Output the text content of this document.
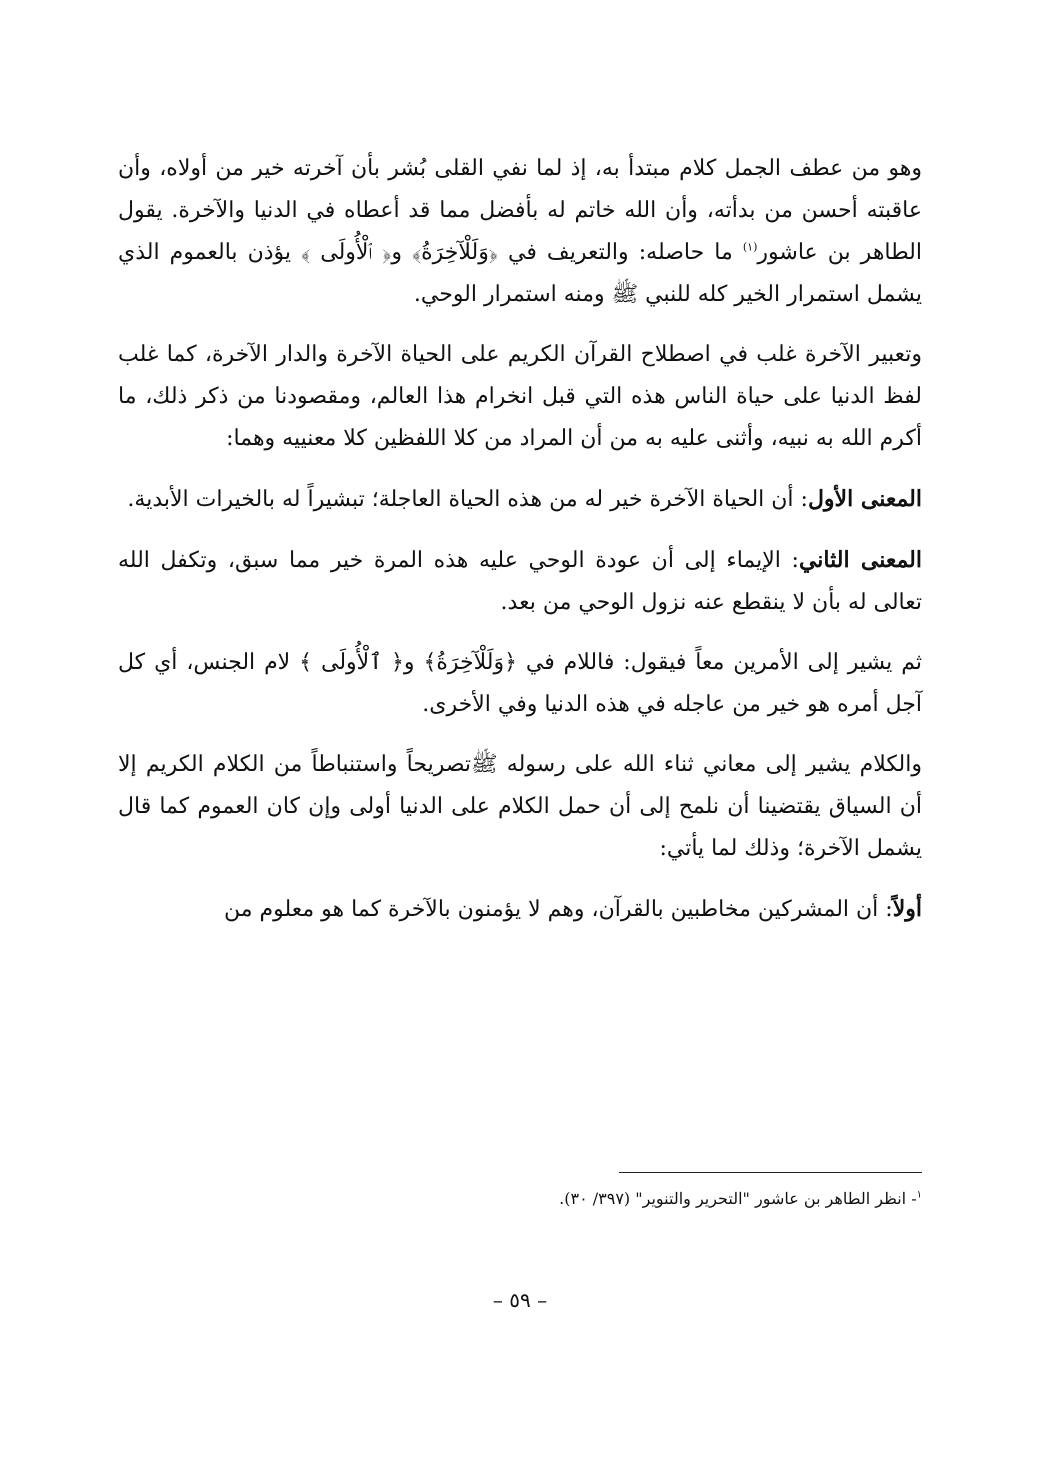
وهو من عطف الجمل كلام مبتدأ به، إذ لما نفي القلى بُشر بأن آخرته خير من أولاه، وأن عاقبته أحسن من بدأته، وأن الله خاتم له بأفضل مما قد أعطاه في الدنيا والآخرة. يقول الطاهر بن عاشور$^{(١)}$ ما حاصله: والتعريف في ﴿وَلَلْآخِرَةُ﴾ و﴿ ٱلْأُولَى ﴾ يؤذن بالعموم الذي يشمل استمرار الخير كله للنبي ﷺ ومنه استمرار الوحي.

وتعبير الآخرة غلب في اصطلاح القرآن الكريم على الحياة الآخرة والدار الآخرة، كما غلب لفظ الدنيا على حياة الناس هذه التي قبل انخرام هذا العالم، ومقصودنا من ذكر ذلك، ما أكرم الله به نبيه، وأثنى عليه به من أن المراد من كلا اللفظين كلا معنييه وهما:

المعنى الأول: أن الحياة الآخرة خير له من هذه الحياة العاجلة؛ تبشيراً له بالخيرات الأبدية.

المعنى الثاني: الإيماء إلى أن عودة الوحي عليه هذه المرة خير مما سبق، وتكفل الله تعالى له بأن لا ينقطع عنه نزول الوحي من بعد.

ثم يشير إلى الأمرين معاً فيقول: فاللام في ﴿وَلَلْآخِرَةُ﴾ و﴿ ٱلْأُولَى ﴾ لام الجنس، أي كل آجل أمره هو خير من عاجله في هذه الدنيا وفي الأخرى.

والكلام يشير إلى معاني ثناء الله على رسوله ﷺتصريحاً واستنباطاً من الكلام الكريم إلا أن السياق يقتضينا أن نلمح إلى أن حمل الكلام على الدنيا أولى وإن كان العموم كما قال يشمل الآخرة؛ وذلك لما يأتي:

أولاً: أن المشركين مخاطبين بالقرآن، وهم لا يؤمنون بالآخرة كما هو معلوم من

$^١$- انظر الطاهر بن عاشور "التحرير والتنوير" (٣٩٧/ ٣٠).
– ٥٩ –
